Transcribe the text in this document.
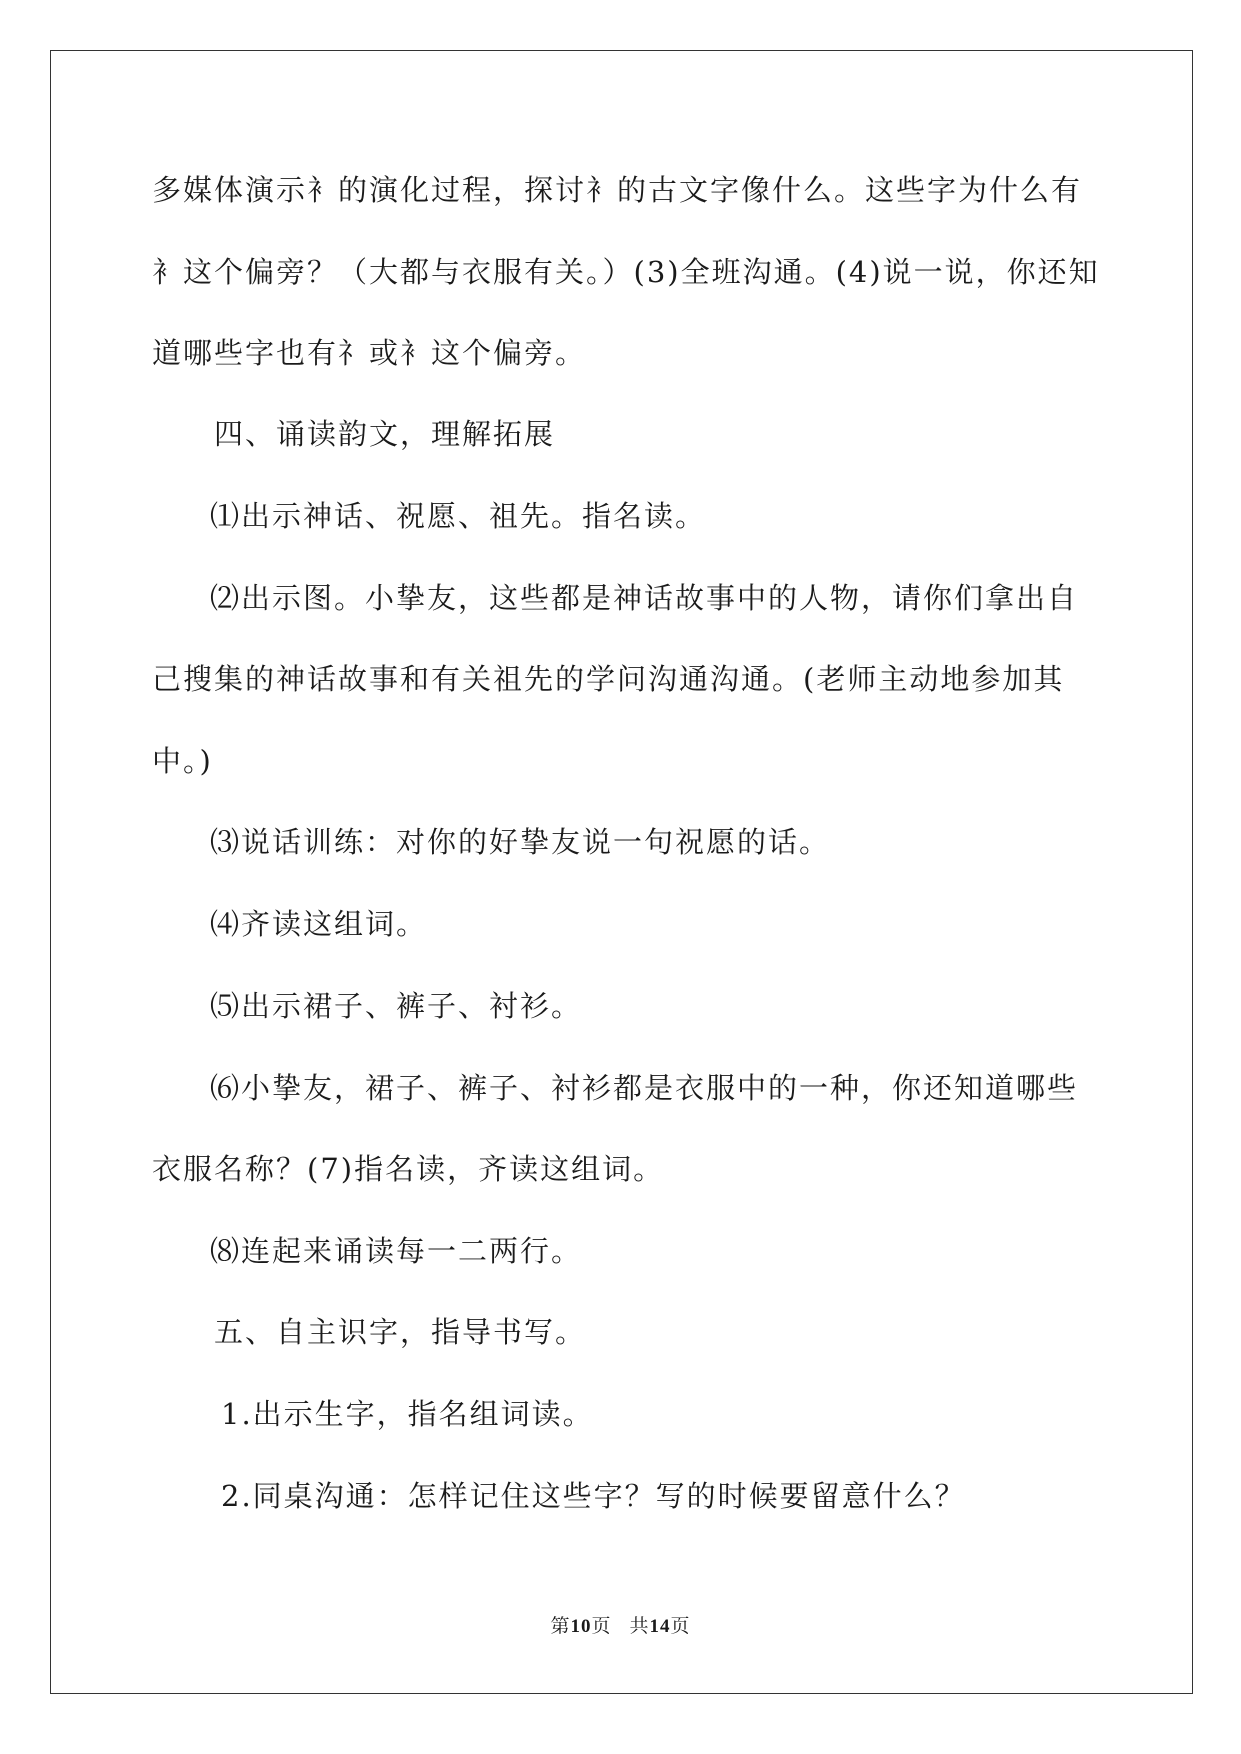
多媒体演示衤的演化过程，探讨衤的古文字像什么。这些字为什么有
衤这个偏旁？（大都与衣服有关。）(3)全班沟通。(4)说一说，你还知
道哪些字也有礻或衤这个偏旁。
四、诵读韵文，理解拓展
⑴出示神话、祝愿、祖先。指名读。
⑵出示图。小挚友，这些都是神话故事中的人物，请你们拿出自
己搜集的神话故事和有关祖先的学问沟通沟通。(老师主动地参加其
中。)
⑶说话训练：对你的好挚友说一句祝愿的话。
⑷齐读这组词。
⑸出示裙子、裤子、衬衫。
⑹小挚友，裙子、裤子、衬衫都是衣服中的一种，你还知道哪些
衣服名称？(7)指名读，齐读这组词。
⑻连起来诵读每一二两行。
五、自主识字，指导书写。
1.出示生字，指名组词读。
2.同桌沟通：怎样记住这些字？写的时候要留意什么？
第10页 共14页
